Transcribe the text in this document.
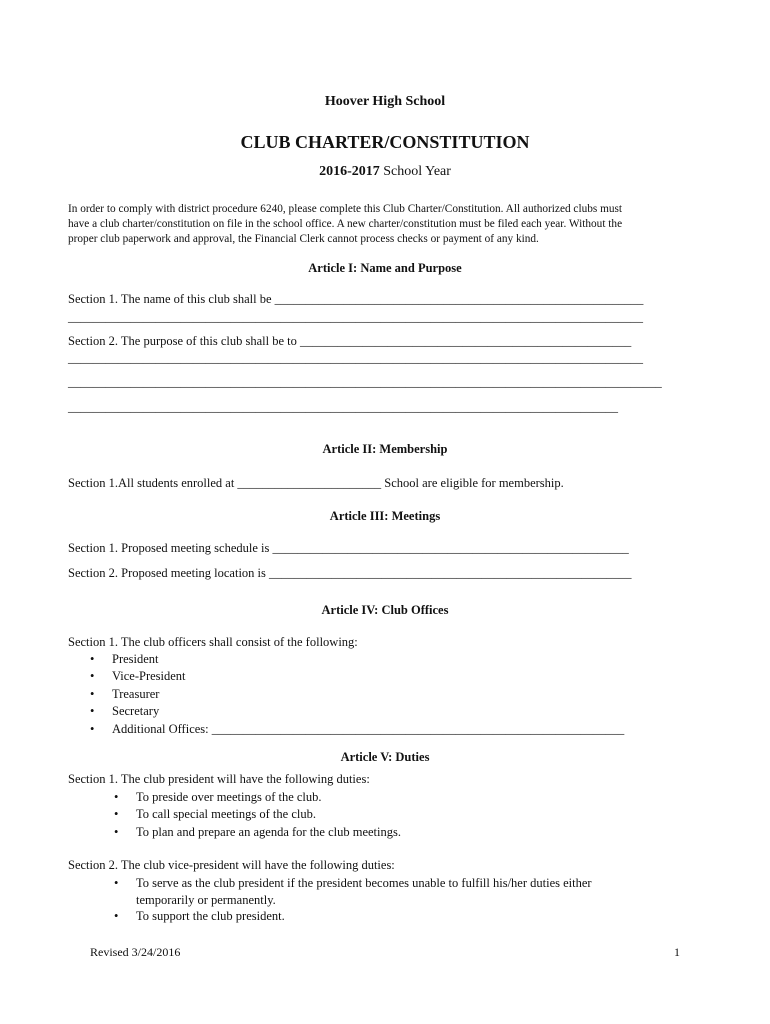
Hoover High School
CLUB CHARTER/CONSTITUTION
2016-2017 School Year
In order to comply with district procedure 6240, please complete this Club Charter/Constitution. All authorized clubs must
have a club charter/constitution on file in the school office. A new charter/constitution must be filed each year. Without the
proper club paperwork and approval, the Financial Clerk cannot process checks or payment of any kind.
Article I: Name and Purpose
Section 1. The name of this club shall be ___________________________________________________________
____________________________________________________________________________________________
Section 2. The purpose of this club shall be to _____________________________________________________
____________________________________________________________________________________________
_______________________________________________________________________________________________
________________________________________________________________________________________
Article II: Membership
Section 1.All students enrolled at _______________________ School are eligible for membership.
Article III: Meetings
Section 1. Proposed meeting schedule is _________________________________________________________
Section 2. Proposed meeting location is __________________________________________________________
Article IV: Club Offices
Section 1. The club officers shall consist of the following:
• President
• Vice-President
• Treasurer
• Secretary
• Additional Offices: __________________________________________________________________
Article V: Duties
Section 1. The club president will have the following duties:
• To preside over meetings of the club.
• To call special meetings of the club.
• To plan and prepare an agenda for the club meetings.
Section 2. The club vice-president will have the following duties:
• To serve as the club president if the president becomes unable to fulfill his/her duties either
temporarily or permanently.
• To support the club president.
Revised 3/24/2016	1
